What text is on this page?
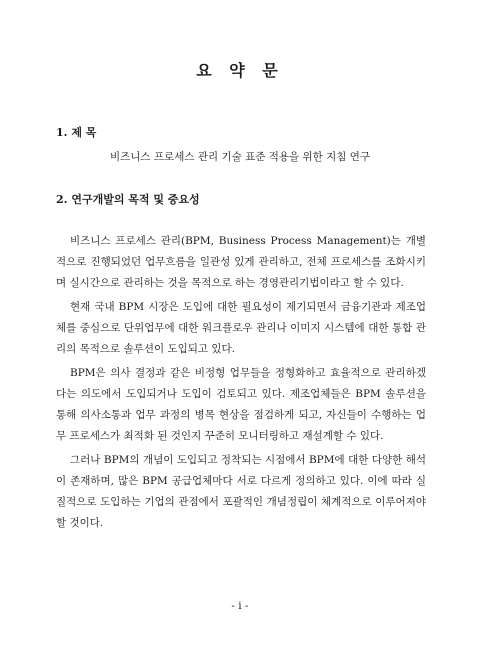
요 약 문
1. 제 목
비즈니스 프로세스 관리 기술 표준 적용을 위한 지침 연구
2. 연구개발의 목적 및 중요성

비즈니스 프로세스 관리(BPM, Business Process Management)는 개별적으로 진행되었던 업무흐름을 일관성 있게 관리하고, 전체 프로세스를 조화시키며 실시간으로 관리하는 것을 목적으로 하는 경영관리기법이라고 할 수 있다.

현재 국내 BPM 시장은 도입에 대한 필요성이 제기되면서 금융기관과 제조업체를 중심으로 단위업무에 대한 워크플로우 관리나 이미지 시스템에 대한 통합 관리의 목적으로 솔루션이 도입되고 있다.

BPM은 의사 결정과 같은 비정형 업무들을 정형화하고 효율적으로 관리하겠다는 의도에서 도입되거나 도입이 검토되고 있다. 제조업체들은 BPM 솔루션을 통해 의사소통과 업무 과정의 병목 현상을 점검하게 되고, 자신들이 수행하는 업무 프로세스가 최적화 된 것인지 꾸준히 모니터링하고 재설계할 수 있다.

그러나 BPM의 개념이 도입되고 정착되는 시점에서 BPM에 대한 다양한 해석이 존재하며, 많은 BPM 공급업체마다 서로 다르게 정의하고 있다. 이에 따라 실질적으로 도입하는 기업의 관점에서 포괄적인 개념정립이 체계적으로 이루어져야 할 것이다.

- i -
